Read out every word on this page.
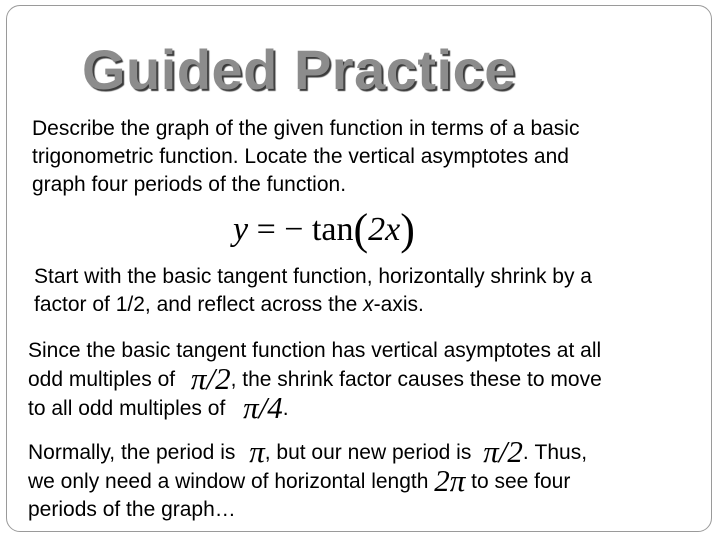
Guided Practice

Describe the graph of the given function in terms of a basic
trigonometric function. Locate the vertical asymptotes and
graph four periods of the function.

y = − tan(2x)

Start with the basic tangent function, horizontally shrink by a
factor of 1/2, and reflect across the x-axis.

Since the basic tangent function has vertical asymptotes at all
odd multiples of π/2, the shrink factor causes these to move
to all odd multiples of π/4.

Normally, the period is π, but our new period is π/2. Thus,
we only need a window of horizontal length 2π to see four
periods of the graph…
